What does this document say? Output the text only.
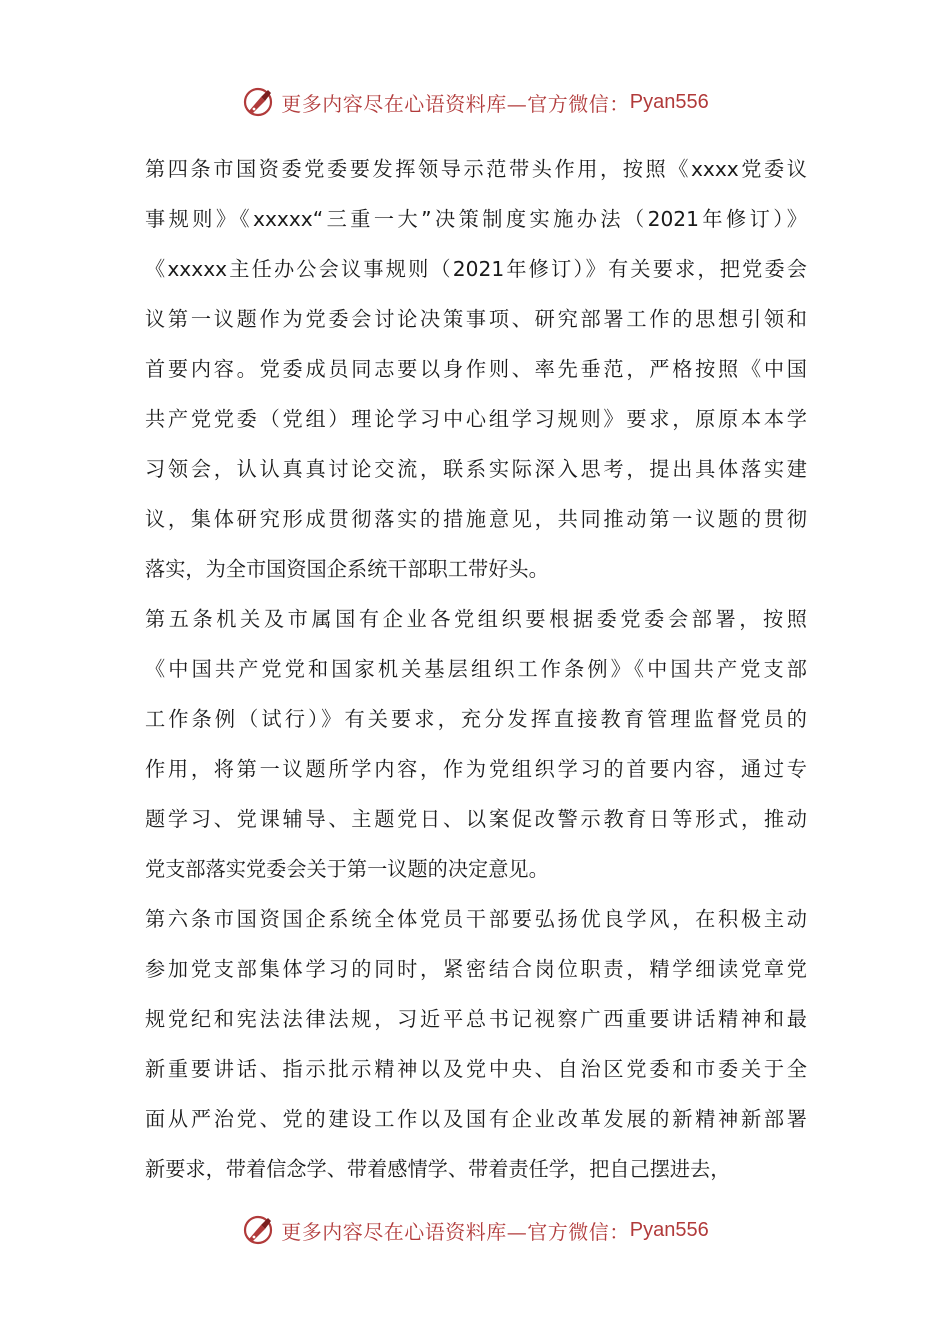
更多内容尽在心语资料库—官方微信： Pyan556
第四条市国资委党委要发挥领导示范带头作用，按照《xxxx党委议
事规则》《xxxxx“三重一大”决策制度实施办法（2021年修订）》
《xxxxx主任办公会议事规则（2021年修订）》有关要求，把党委会
议第一议题作为党委会讨论决策事项、研究部署工作的思想引领和
首要内容。党委成员同志要以身作则、率先垂范，严格按照《中国
共产党党委（党组）理论学习中心组学习规则》要求，原原本本学
习领会，认认真真讨论交流，联系实际深入思考，提出具体落实建
议，集体研究形成贯彻落实的措施意见，共同推动第一议题的贯彻
落实，为全市国资国企系统干部职工带好头。
第五条机关及市属国有企业各党组织要根据委党委会部署，按照
《中国共产党党和国家机关基层组织工作条例》《中国共产党支部
工作条例（试行）》有关要求，充分发挥直接教育管理监督党员的
作用，将第一议题所学内容，作为党组织学习的首要内容，通过专
题学习、党课辅导、主题党日、以案促改警示教育日等形式，推动
党支部落实党委会关于第一议题的决定意见。
第六条市国资国企系统全体党员干部要弘扬优良学风，在积极主动
参加党支部集体学习的同时，紧密结合岗位职责，精学细读党章党
规党纪和宪法法律法规，习近平总书记视察广西重要讲话精神和最
新重要讲话、指示批示精神以及党中央、自治区党委和市委关于全
面从严治党、党的建设工作以及国有企业改革发展的新精神新部署
新要求，带着信念学、带着感情学、带着责任学，把自己摆进去，
更多内容尽在心语资料库—官方微信： Pyan556
